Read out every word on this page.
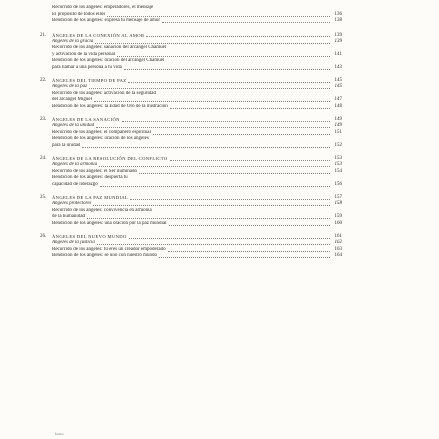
Recorrido de los ángeles: emperadores, el mensaje
El propósito de todos ellos	136
Bendición de los ángeles: expresa tu mensaje de amor	138
21.	ÁNGELES DE LA CONEXIÓN AL AMOR	139
Ángeles de la gracia	139
Recorrido de los ángeles: sanación del arcángel Chamuel
y activación de la vida personal	141
Bendición de los ángeles: oración del arcángel Chamuel
para llamar a una persona a tu vida	143
22.	ÁNGELES DEL TIEMPO DE PAZ	145
Ángeles de la paz	145
Recorrido de los ángeles: activación de la seguridad
del arcángel Miguel	147
Bendición de los ángeles: la Edad de Oro de la ilustración	148
23.	ÁNGELES DE LA SANACIÓN	149
Ángeles de la unidad	149
Recorrido de los ángeles: el compañero espiritual	151
Bendición de los ángeles: oración de los ángeles
para la unidad	152
24.	ÁNGELES DE LA RESOLUCIÓN DEL CONFLICTO	153
Ángeles de la armonía	153
Recorrido de los ángeles: el Ser iluminado	154
Bendición de los ángeles: despierta tu
capacidad de liderazgo	156
25.	ÁNGELES DE LA PAZ MUNDIAL	157
Ángeles protectores	158
Recorrido de los ángeles: convivencia en armonía
de la humanidad	159
Bendición de los ángeles: una oración por la paz mundial	160
26.	ÁNGELES DEL NUEVO MUNDO	161
Ángeles de la justicia	162
Recorrido de los ángeles: tú eres un creador empoderado	163
Bendición de los ángeles: sé uno con nuestro mundo	164
Índice
